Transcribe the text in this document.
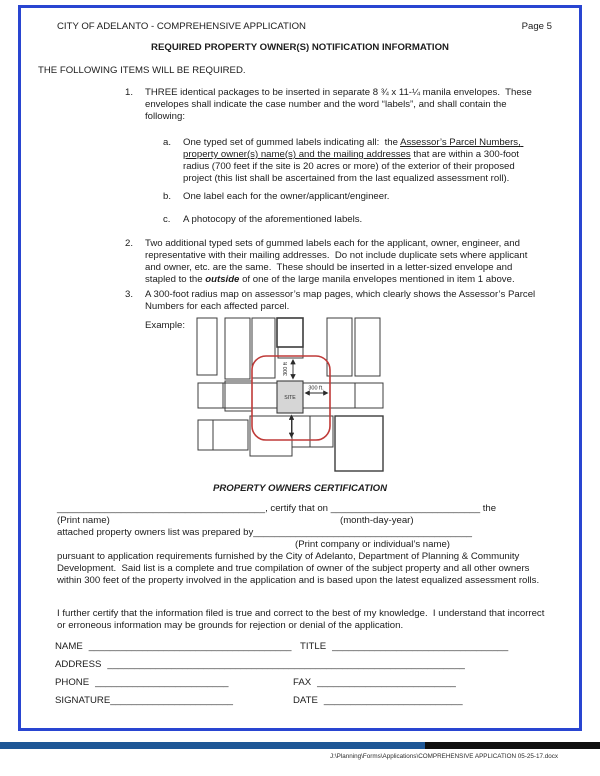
CITY OF ADELANTO - COMPREHENSIVE APPLICATION	Page 5
REQUIRED PROPERTY OWNER(S) NOTIFICATION INFORMATION
THE FOLLOWING ITEMS WILL BE REQUIRED.
1.	THREE identical packages to be inserted in separate 8 ¾ x 11-¼ manila envelopes.  These envelopes shall indicate the case number and the word “labels”, and shall contain the following:
a.	One typed set of gummed labels indicating all:  the Assessor’s Parcel Numbers, property owner(s) name(s) and the mailing addresses that are within a 300-foot radius (700 feet if the site is 20 acres or more) of the exterior of their proposed project (this list shall be ascertained from the last equalized assessment roll).
b.	One label each for the owner/applicant/engineer.
c.	A photocopy of the aforementioned labels.
2.	Two additional typed sets of gummed labels each for the applicant, owner, engineer, and representative with their mailing addresses.  Do not include duplicate sets where applicant and owner, etc. are the same.  These should be inserted in a letter-sized envelope and stapled to the outside of one of the large manila envelopes mentioned in item 1 above.
3.	A 300-foot radius map on assessor’s map pages, which clearly shows the Assessor’s Parcel Numbers for each affected parcel.
Example:
SITE
300 ft
300 ft.
PROPERTY OWNERS CERTIFICATION
_______________________________________, certify that on ____________________________ the
(Print name)	(month-day-year)
attached property owners list was prepared by_________________________________________
(Print company or individual’s name)
pursuant to application requirements furnished by the City of Adelanto, Department of Planning & Community Development.  Said list is a complete and true compilation of owner of the subject property and all other owners within 300 feet of the property involved in the application and is based upon the latest equalized assessment rolls.
I further certify that the information filed is true and correct to the best of my knowledge.  I understand that incorrect or erroneous information may be grounds for rejection or denial of the application.
NAME ______________________________________ TITLE _________________________________
ADDRESS ___________________________________________________________________
PHONE _________________________	FAX __________________________
SIGNATURE_______________________	DATE __________________________
J:\Planning\Forms\Applications\COMPREHENSIVE APPLICATION 05-25-17.docx
